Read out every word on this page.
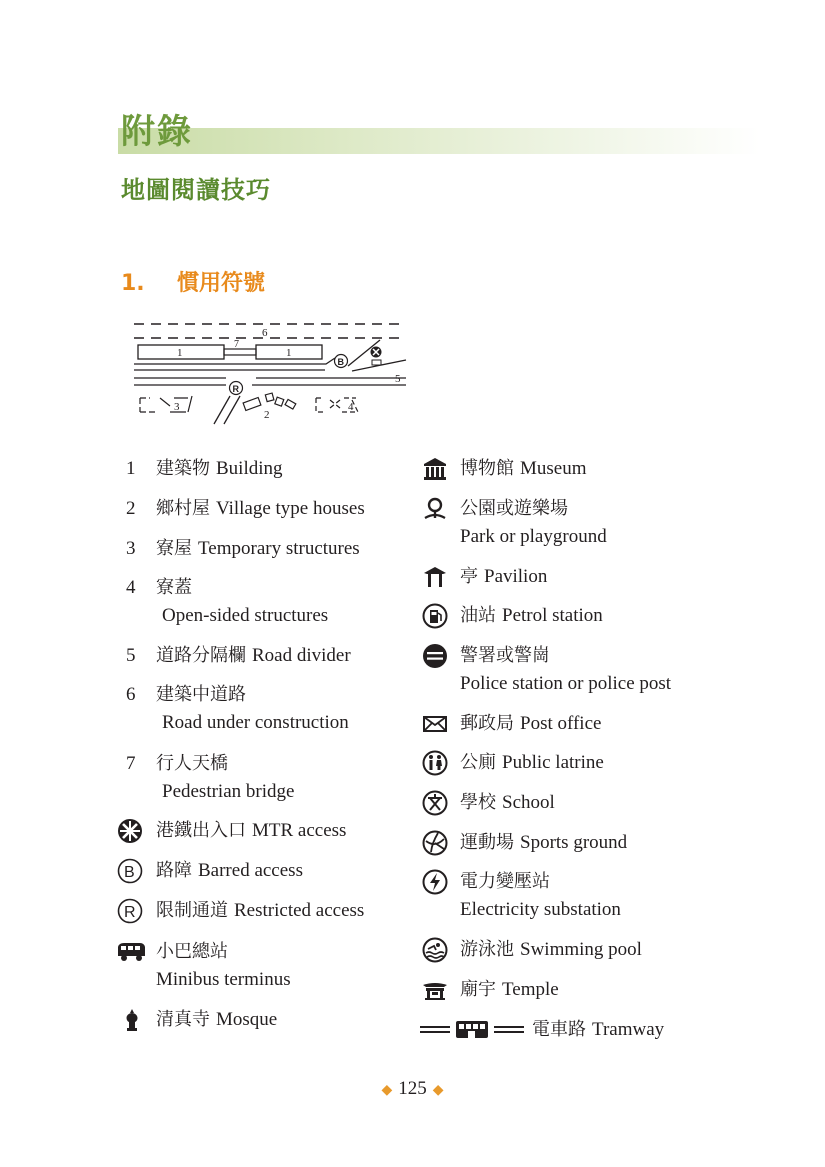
附錄
地圖閱讀技巧
1. 慣用符號
6
1	1
7
B
5
R
3
2
4
1 建築物 Building
2 鄉村屋 Village type houses
3 寮屋 Temporary structures
4 寮蓋
Open-sided structures
5 道路分隔欄 Road divider
6 建築中道路
Road under construction
7 行人天橋
Pedestrian bridge
港鐵出入口 MTR access
B 路障 Barred access
R 限制通道 Restricted access
小巴總站
Minibus terminus
清真寺 Mosque
博物館 Museum
公園或遊樂場
Park or playground
亭 Pavilion
油站 Petrol station
警署或警崗
Police station or police post
郵政局 Post office
公廁 Public latrine
學校 School
運動場 Sports ground
電力變壓站
Electricity substation
游泳池 Swimming pool
廟宇 Temple
電車路 Tramway
◆ 125 ◆
